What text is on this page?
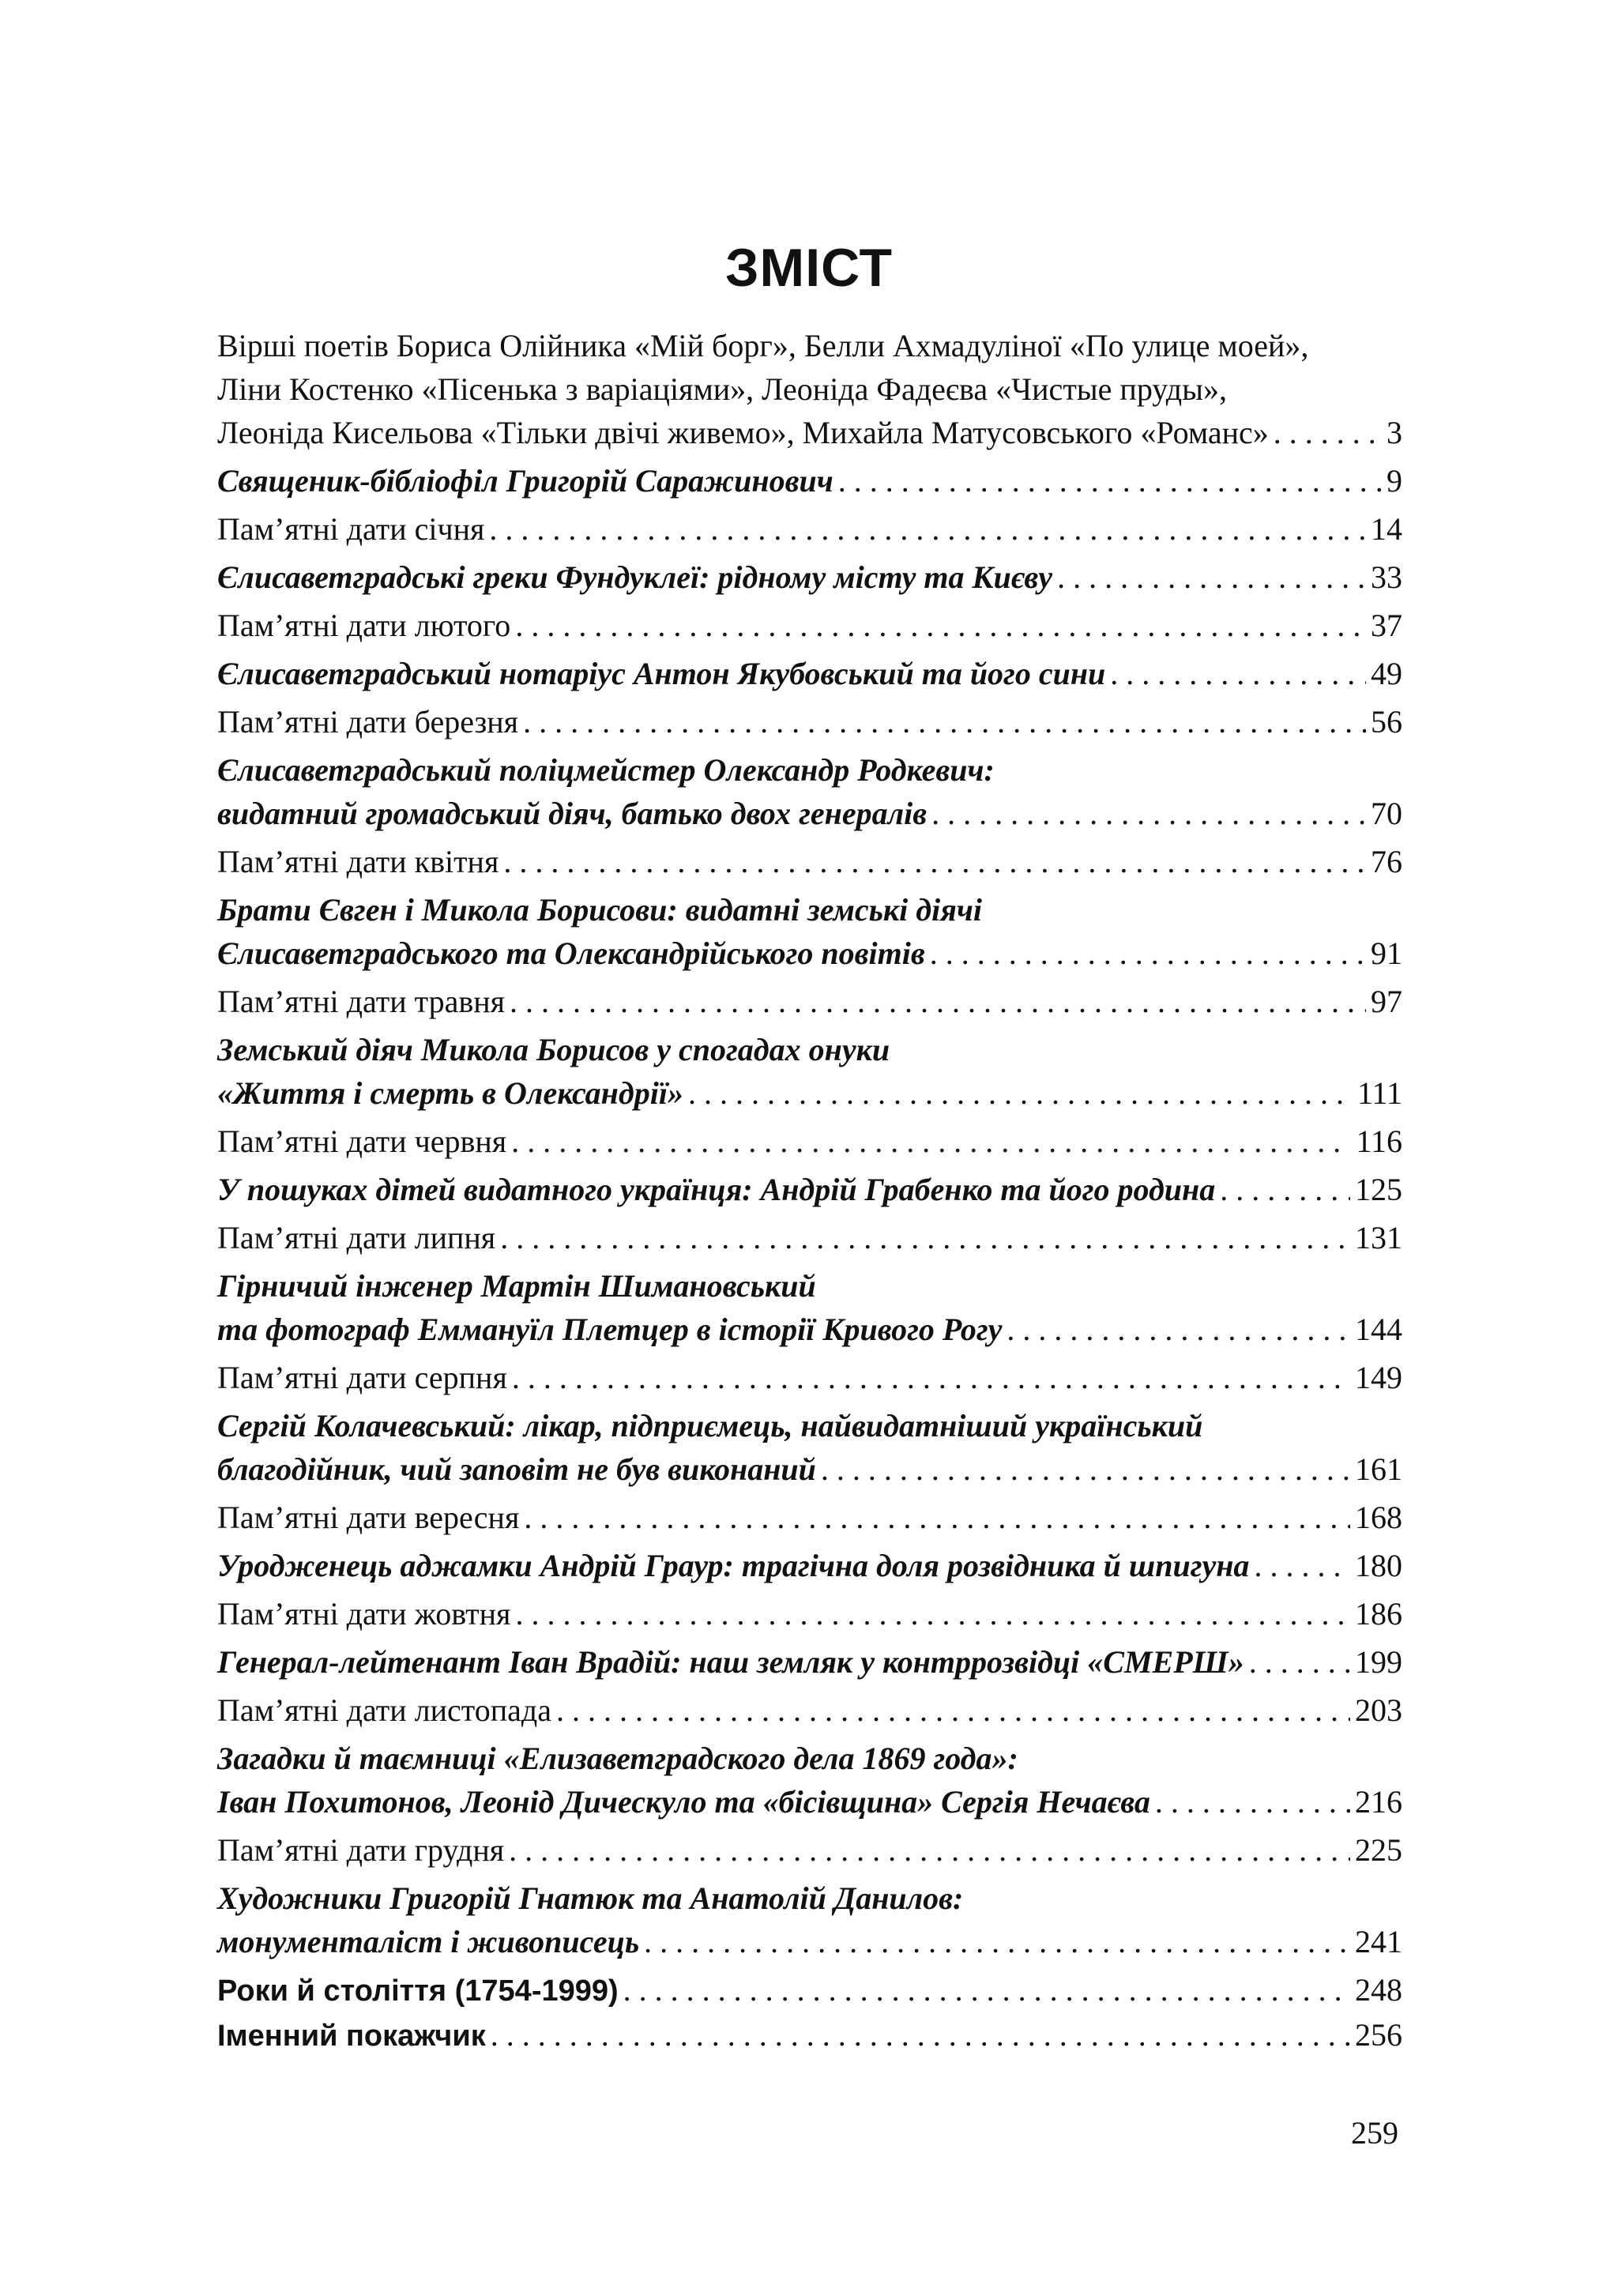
ЗМІСТ
Вірші поетів Бориса Олійника «Мій борг», Белли Ахмадуліної «По улице моей»,
Ліни Костенко «Пісенька з варіаціями», Леоніда Фадеєва «Чистые пруды»,
Леоніда Кисельова «Тільки двічі живемо», Михайла Матусовського «Романс» . . .	3
Священик-бібліофіл Григорій Саражинович . . .	9
Пам’ятні дати січня . . .	14
Єлисаветградські греки Фундуклеї: рідному місту та Києву . . .	33
Пам’ятні дати лютого . . .	37
Єлисаветградський нотаріус Антон Якубовський та його сини . . .	49
Пам’ятні дати березня . . .	56
Єлисаветградський поліцмейстер Олександр Родкевич:
видатний громадський діяч, батько двох генералів . . .	70
Пам’ятні дати квітня . . .	76
Брати Євген і Микола Борисови: видатні земські діячі
Єлисаветградського та Олександрійського повітів . . .	91
Пам’ятні дати травня . . .	97
Земський діяч Микола Борисов у спогадах онуки
«Життя і смерть в Олександрії» . . .	111
Пам’ятні дати червня . . .	116
У пошуках дітей видатного українця: Андрій Грабенко та його родина . . .	125
Пам’ятні дати липня . . .	131
Гірничий інженер Мартін Шимановський
та фотограф Еммануїл Плетцер в історії Кривого Рогу . . .	144
Пам’ятні дати серпня . . .	149
Сергій Колачевський: лікар, підприємець, найвидатніший український
благодійник, чий заповіт не був виконаний . . .	161
Пам’ятні дати вересня . . .	168
Уродженець аджамки Андрій Граур: трагічна доля розвідника й шпигуна . . .	180
Пам’ятні дати жовтня . . .	186
Генерал-лейтенант Іван Врадій: наш земляк у контррозвідці «СМЕРШ» . . .	199
Пам’ятні дати листопада . . .	203
Загадки й таємниці «Елизаветградского дела 1869 года»:
Іван Похитонов, Леонід Дическуло та «бісівщина» Сергія Нечаєва . . .	216
Пам’ятні дати грудня . . .	225
Художники Григорій Гнатюк та Анатолій Данилов:
монументаліст і живописець . . .	241
Роки й століття (1754-1999) . . .	248
Іменний покажчик . . .	256
259
